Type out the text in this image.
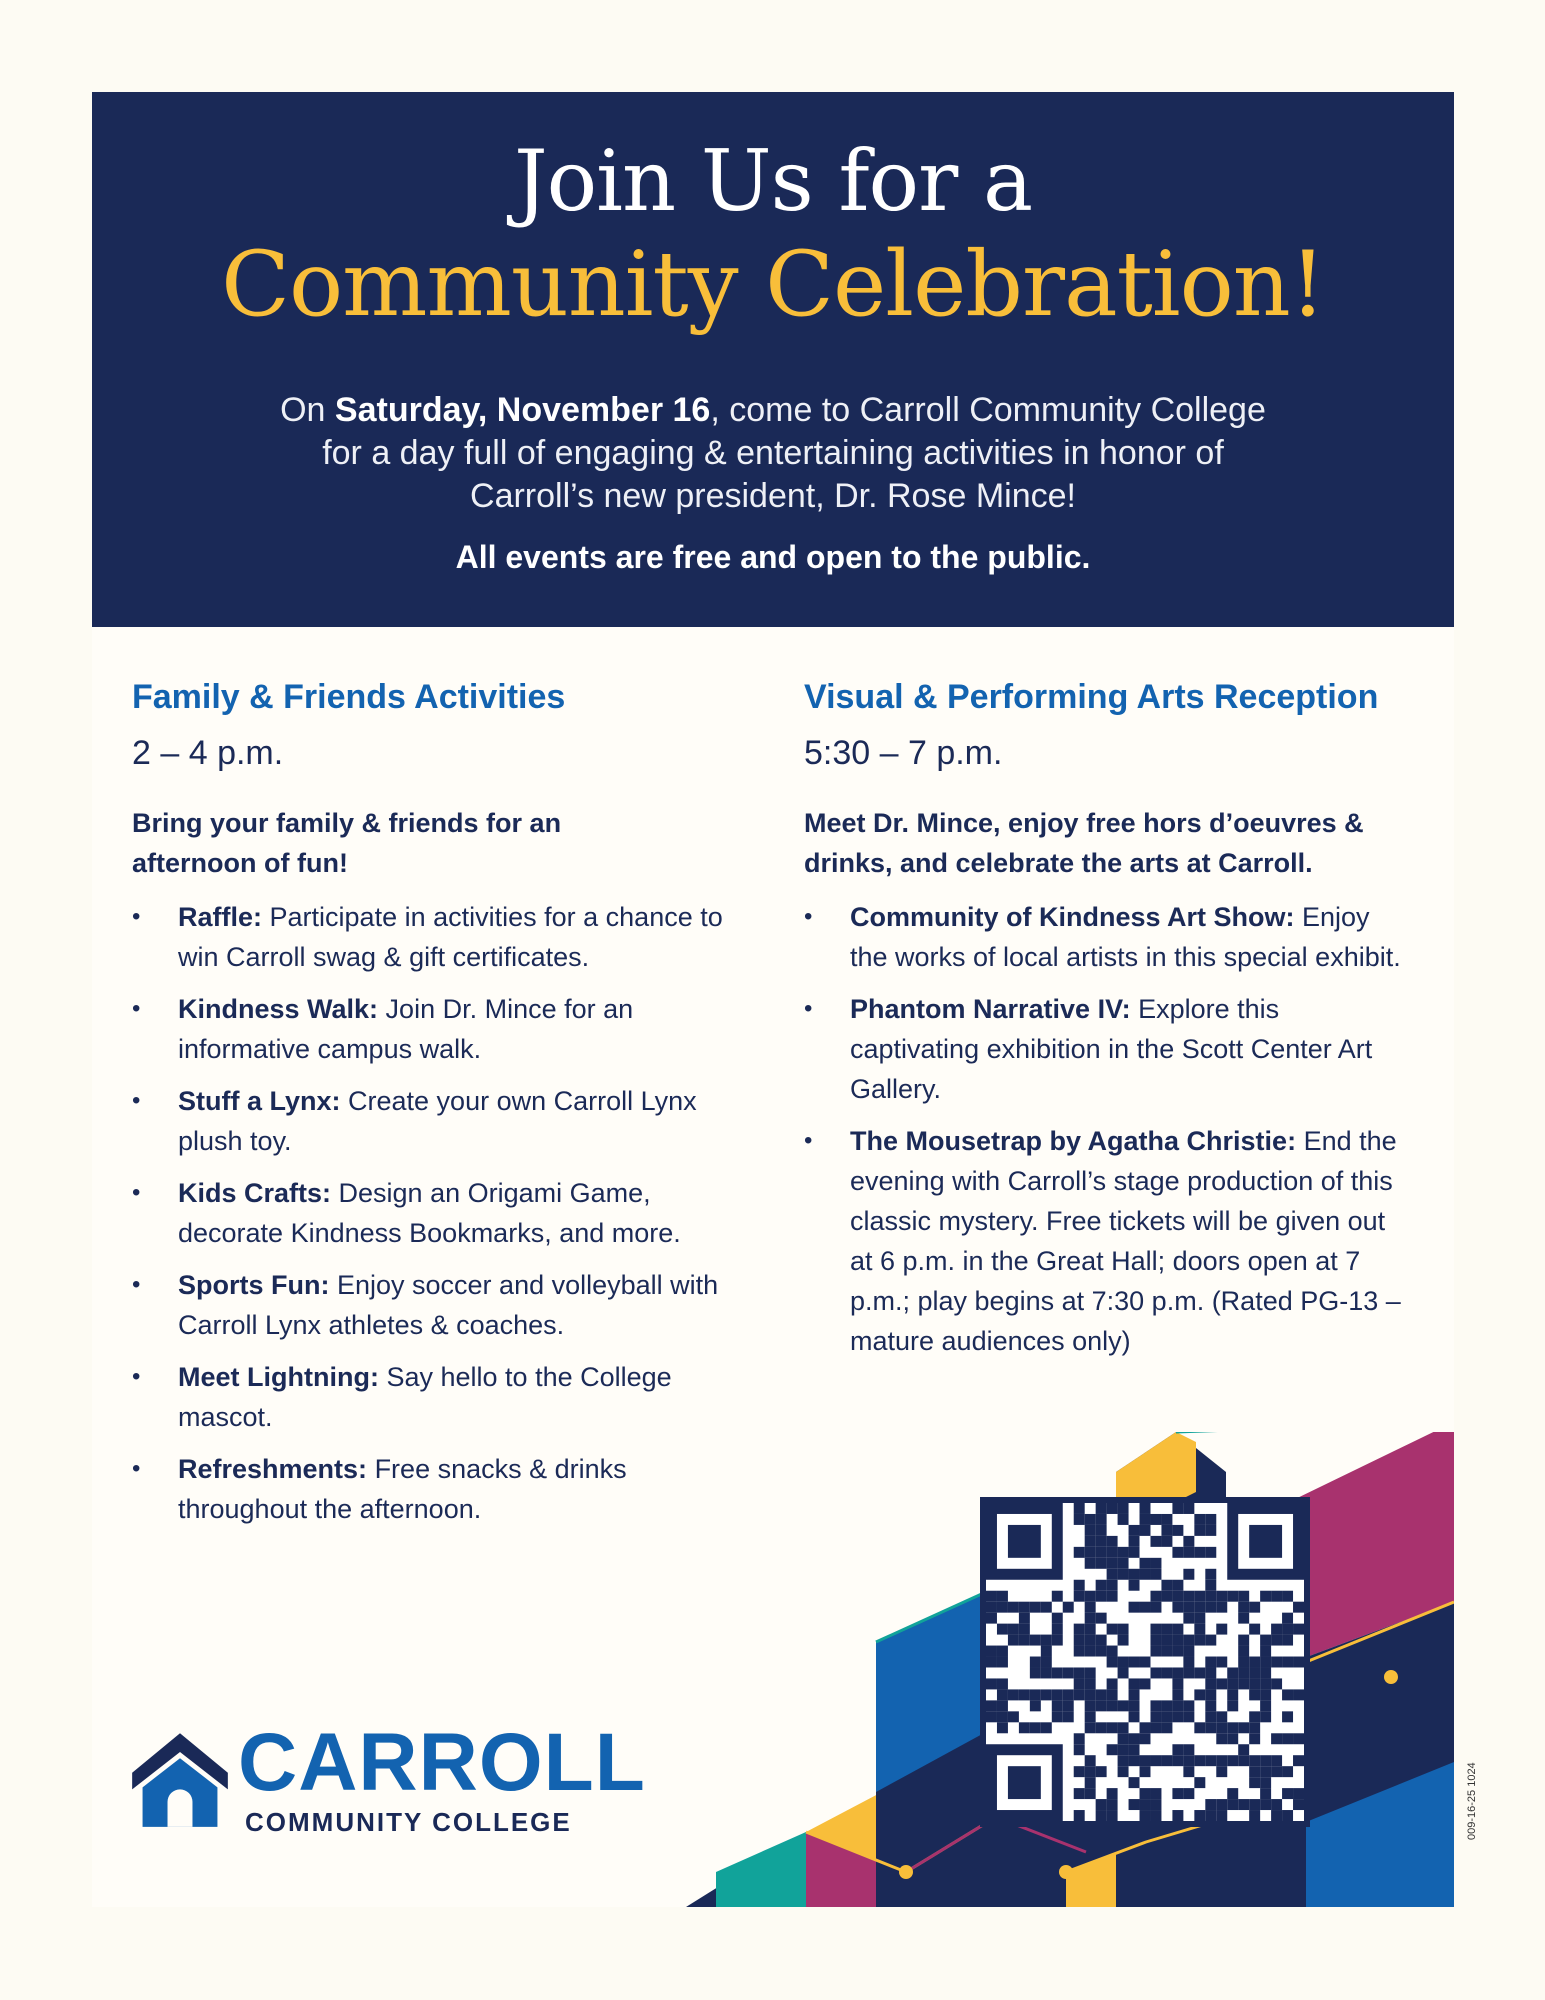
Join Us for a
Community Celebration!
On Saturday, November 16, come to Carroll Community College
for a day full of engaging & entertaining activities in honor of
Carroll’s new president, Dr. Rose Mince!
All events are free and open to the public.
Family & Friends Activities
2 – 4 p.m.
Bring your family & friends for an
afternoon of fun!
• Raffle: Participate in activities for a chance to win Carroll swag & gift certificates.
• Kindness Walk: Join Dr. Mince for an informative campus walk.
• Stuff a Lynx: Create your own Carroll Lynx plush toy.
• Kids Crafts: Design an Origami Game, decorate Kindness Bookmarks, and more.
• Sports Fun: Enjoy soccer and volleyball with Carroll Lynx athletes & coaches.
• Meet Lightning: Say hello to the College mascot.
• Refreshments: Free snacks & drinks throughout the afternoon.
Visual & Performing Arts Reception
5:30 – 7 p.m.
Meet Dr. Mince, enjoy free hors d’oeuvres &
drinks, and celebrate the arts at Carroll.
• Community of Kindness Art Show: Enjoy the works of local artists in this special exhibit.
• Phantom Narrative IV: Explore this captivating exhibition in the Scott Center Art Gallery.
• The Mousetrap by Agatha Christie: End the evening with Carroll’s stage production of this classic mystery. Free tickets will be given out at 6 p.m. in the Great Hall; doors open at 7 p.m.; play begins at 7:30 p.m. (Rated PG-13 – mature audiences only)
CARROLL
COMMUNITY COLLEGE	009-16-25 1024
